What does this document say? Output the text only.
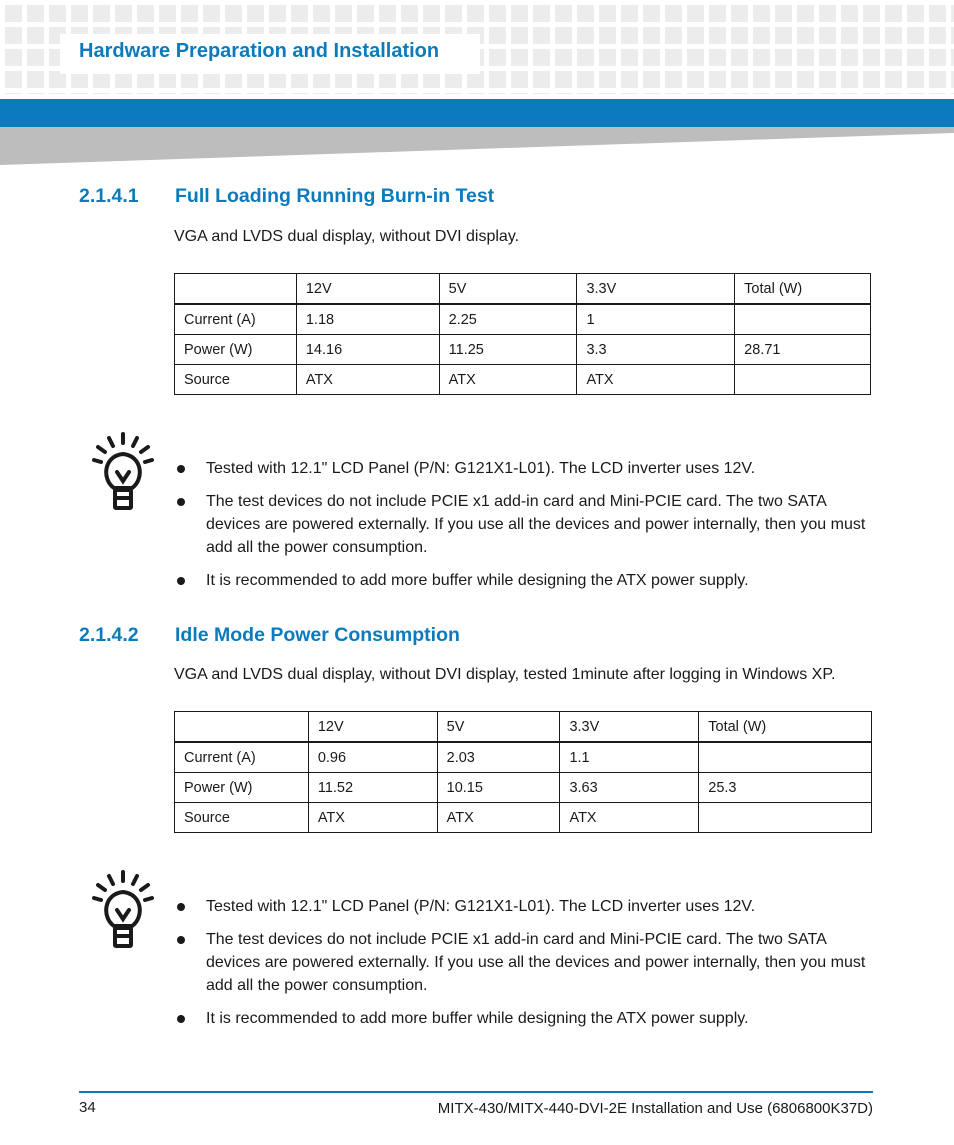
Hardware Preparation and Installation
2.1.4.1 Full Loading Running Burn-in Test
VGA and LVDS dual display, without DVI display.
	12V	5V	3.3V	Total (W)
Current (A)	1.18	2.25	1	
Power (W)	14.16	11.25	3.3	28.71
Source	ATX	ATX	ATX	
Tested with 12.1" LCD Panel (P/N: G121X1-L01). The LCD inverter uses 12V.
The test devices do not include PCIE x1 add-in card and Mini-PCIE card. The two SATA devices are powered externally. If you use all the devices and power internally, then you must add all the power consumption.
It is recommended to add more buffer while designing the ATX power supply.
2.1.4.2 Idle Mode Power Consumption
VGA and LVDS dual display, without DVI display, tested 1minute after logging in Windows XP.
	12V	5V	3.3V	Total (W)
Current (A)	0.96	2.03	1.1	
Power (W)	11.52	10.15	3.63	25.3
Source	ATX	ATX	ATX	
Tested with 12.1" LCD Panel (P/N: G121X1-L01). The LCD inverter uses 12V.
The test devices do not include PCIE x1 add-in card and Mini-PCIE card. The two SATA devices are powered externally. If you use all the devices and power internally, then you must add all the power consumption.
It is recommended to add more buffer while designing the ATX power supply.
34	MITX-430/MITX-440-DVI-2E Installation and Use (6806800K37D)
